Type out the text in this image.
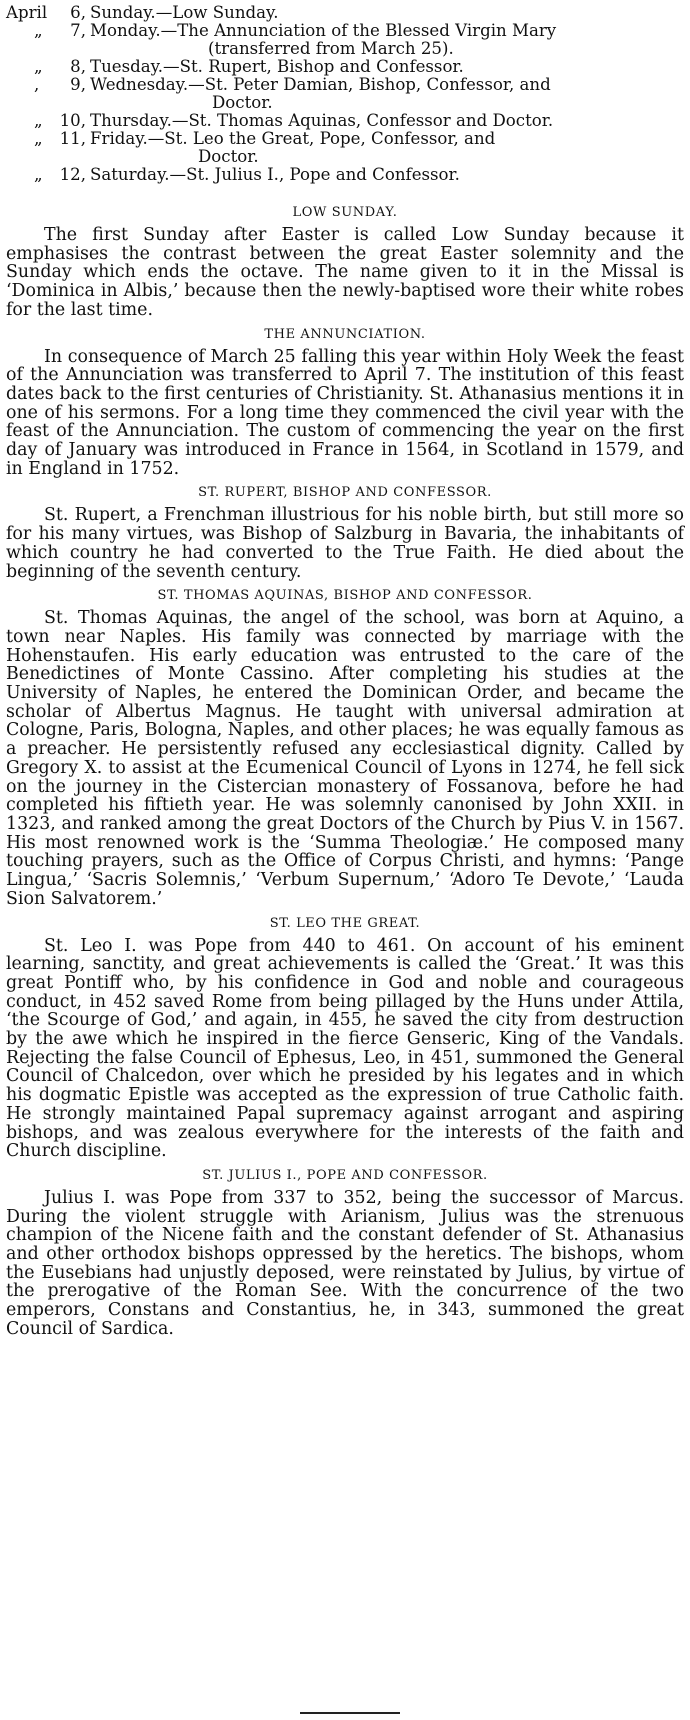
April	6, Sunday.—Low Sunday.
„	7, Monday.—The Annunciation of the Blessed Virgin Mary
(transferred from March 25).
„	8, Tuesday.—St. Rupert, Bishop and Confessor.
,	9, Wednesday.—St. Peter Damian, Bishop, Confessor, and
Doctor.
„	10, Thursday.—St. Thomas Aquinas, Confessor and Doctor.
„	11, Friday.—St. Leo the Great, Pope, Confessor, and
Doctor.
„	12, Saturday.—St. Julius I., Pope and Confessor.
LOW SUNDAY.

The first Sunday after Easter is called Low Sunday because it emphasises the contrast between the great Easter solemnity and the Sunday which ends the octave. The name given to it in the Missal is ‘Dominica in Albis,’ because then the newly-baptised wore their white robes for the last time.

THE ANNUNCIATION.

In consequence of March 25 falling this year within Holy Week the feast of the Annunciation was transferred to April 7. The institution of this feast dates back to the first centuries of Christianity. St. Athanasius mentions it in one of his sermons. For a long time they commenced the civil year with the feast of the Annunciation. The custom of commencing the year on the first day of January was introduced in France in 1564, in Scotland in 1579, and in England in 1752.

ST. RUPERT, BISHOP AND CONFESSOR.

St. Rupert, a Frenchman illustrious for his noble birth, but still more so for his many virtues, was Bishop of Salzburg in Bavaria, the inhabitants of which country he had converted to the True Faith. He died about the beginning of the seventh century.

ST. THOMAS AQUINAS, BISHOP AND CONFESSOR.

St. Thomas Aquinas, the angel of the school, was born at Aquino, a town near Naples. His family was connected by marriage with the Hohenstaufen. His early education was entrusted to the care of the Benedictines of Monte Cassino. After completing his studies at the University of Naples, he entered the Dominican Order, and became the scholar of Albertus Magnus. He taught with universal admiration at Cologne, Paris, Bologna, Naples, and other places; he was equally famous as a preacher. He persistently refused any ecclesiastical dignity. Called by Gregory X. to assist at the Ecumenical Council of Lyons in 1274, he fell sick on the journey in the Cistercian monastery of Fossanova, before he had completed his fiftieth year. He was solemnly canonised by John XXII. in 1323, and ranked among the great Doctors of the Church by Pius V. in 1567. His most renowned work is the ‘Summa Theologiæ.’ He composed many touching prayers, such as the Office of Corpus Christi, and hymns: ‘Pange Lingua,’ ‘Sacris Solemnis,’ ‘Verbum Supernum,’ ‘Adoro Te Devote,’ ‘Lauda Sion Salvatorem.’

ST. LEO THE GREAT.

St. Leo I. was Pope from 440 to 461. On account of his eminent learning, sanctity, and great achievements is called the ‘Great.’ It was this great Pontiff who, by his confidence in God and noble and courageous conduct, in 452 saved Rome from being pillaged by the Huns under Attila, ‘the Scourge of God,’ and again, in 455, he saved the city from destruction by the awe which he inspired in the fierce Genseric, King of the Vandals. Rejecting the false Council of Ephesus, Leo, in 451, summoned the General Council of Chalcedon, over which he presided by his legates and in which his dogmatic Epistle was accepted as the expression of true Catholic faith. He strongly maintained Papal supremacy against arrogant and aspiring bishops, and was zealous everywhere for the interests of the faith and Church discipline.

ST. JULIUS I., POPE AND CONFESSOR.

Julius I. was Pope from 337 to 352, being the successor of Marcus. During the violent struggle with Arianism, Julius was the strenuous champion of the Nicene faith and the constant defender of St. Athanasius and other orthodox bishops oppressed by the heretics. The bishops, whom the Eusebians had unjustly deposed, were reinstated by Julius, by virtue of the prerogative of the Roman See. With the concurrence of the two emperors, Constans and Constantius, he, in 343, summoned the great Council of Sardica.
